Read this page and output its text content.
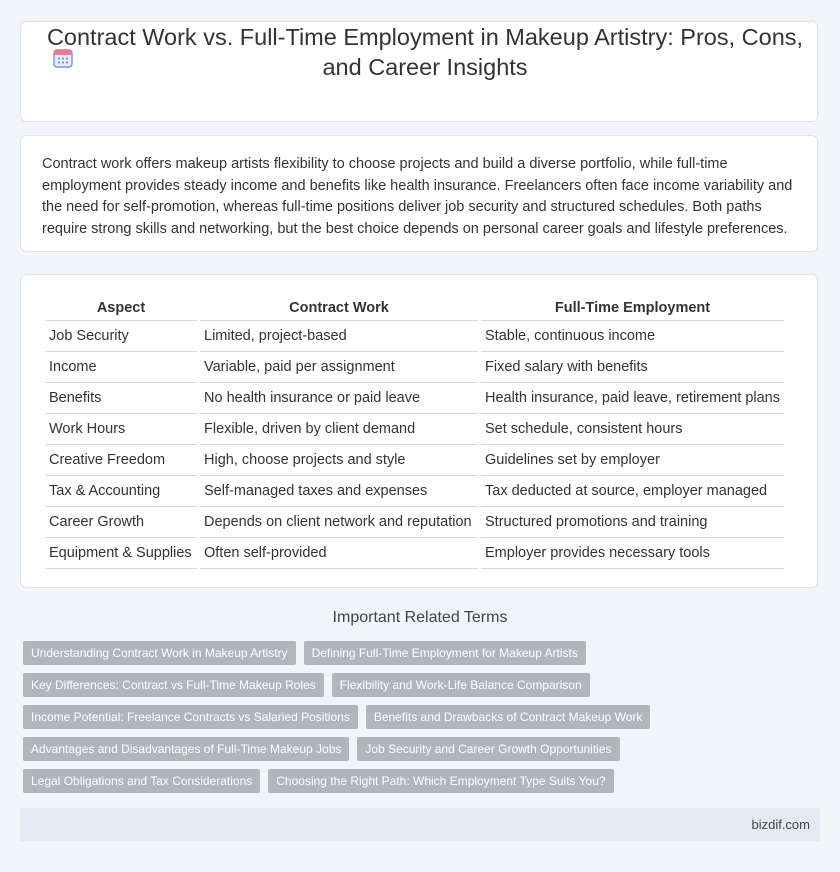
Contract Work vs. Full-Time Employment in Makeup Artistry: Pros, Cons, and Career Insights

Contract work offers makeup artists flexibility to choose projects and build a diverse portfolio, while full-time employment provides steady income and benefits like health insurance. Freelancers often face income variability and the need for self-promotion, whereas full-time positions deliver job security and structured schedules. Both paths require strong skills and networking, but the best choice depends on personal career goals and lifestyle preferences.

Aspect	Contract Work	Full-Time Employment
Job Security	Limited, project-based	Stable, continuous income
Income	Variable, paid per assignment	Fixed salary with benefits
Benefits	No health insurance or paid leave	Health insurance, paid leave, retirement plans
Work Hours	Flexible, driven by client demand	Set schedule, consistent hours
Creative Freedom	High, choose projects and style	Guidelines set by employer
Tax & Accounting	Self-managed taxes and expenses	Tax deducted at source, employer managed
Career Growth	Depends on client network and reputation	Structured promotions and training
Equipment & Supplies	Often self-provided	Employer provides necessary tools
Important Related Terms
Understanding Contract Work in Makeup Artistry	Defining Full-Time Employment for Makeup Artists
Key Differences: Contract vs Full-Time Makeup Roles	Flexibility and Work-Life Balance Comparison
Income Potential: Freelance Contracts vs Salaried Positions	Benefits and Drawbacks of Contract Makeup Work
Advantages and Disadvantages of Full-Time Makeup Jobs	Job Security and Career Growth Opportunities
Legal Obligations and Tax Considerations	Choosing the Right Path: Which Employment Type Suits You?
bizdif.com
